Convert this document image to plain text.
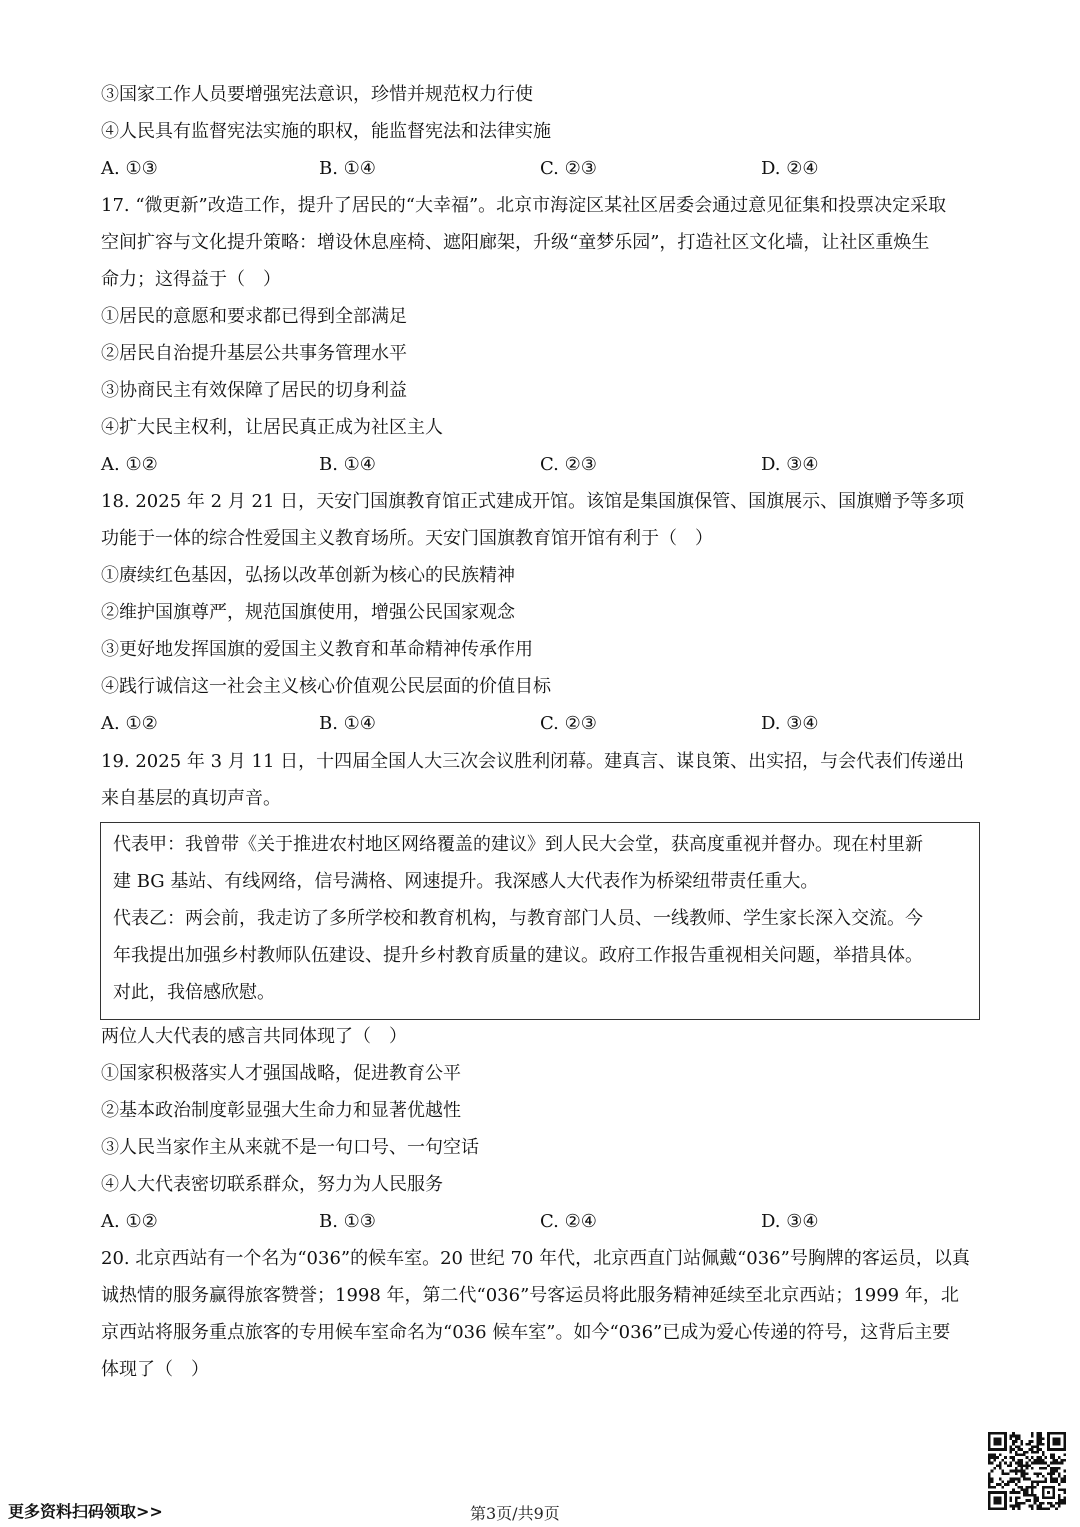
③国家工作人员要增强宪法意识，珍惜并规范权力行使
④人民具有监督宪法实施的职权，能监督宪法和法律实施
A. ①③	B. ①④	C. ②③	D. ②④
17. “微更新”改造工作，提升了居民的“大幸福”。北京市海淀区某社区居委会通过意见征集和投票决定采取
空间扩容与文化提升策略：增设休息座椅、遮阳廊架，升级“童梦乐园”，打造社区文化墙，让社区重焕生
命力；这得益于（　）
①居民的意愿和要求都已得到全部满足
②居民自治提升基层公共事务管理水平
③协商民主有效保障了居民的切身利益
④扩大民主权利，让居民真正成为社区主人
A. ①②	B. ①④	C. ②③	D. ③④
18. 2025 年 2 月 21 日，天安门国旗教育馆正式建成开馆。该馆是集国旗保管、国旗展示、国旗赠予等多项
功能于一体的综合性爱国主义教育场所。天安门国旗教育馆开馆有利于（　）
①赓续红色基因，弘扬以改革创新为核心的民族精神
②维护国旗尊严，规范国旗使用，增强公民国家观念
③更好地发挥国旗的爱国主义教育和革命精神传承作用
④践行诚信这一社会主义核心价值观公民层面的价值目标
A. ①②	B. ①④	C. ②③	D. ③④
19. 2025 年 3 月 11 日，十四届全国人大三次会议胜利闭幕。建真言、谋良策、出实招，与会代表们传递出
来自基层的真切声音。
代表甲：我曾带《关于推进农村地区网络覆盖的建议》到人民大会堂，获高度重视并督办。现在村里新
建 BG 基站、有线网络，信号满格、网速提升。我深感人大代表作为桥梁纽带责任重大。
代表乙：两会前，我走访了多所学校和教育机构，与教育部门人员、一线教师、学生家长深入交流。今
年我提出加强乡村教师队伍建设、提升乡村教育质量的建议。政府工作报告重视相关问题，举措具体。
对此，我倍感欣慰。
两位人大代表的感言共同体现了（　）
①国家积极落实人才强国战略，促进教育公平
②基本政治制度彰显强大生命力和显著优越性
③人民当家作主从来就不是一句口号、一句空话
④人大代表密切联系群众，努力为人民服务
A. ①②	B. ①③	C. ②④	D. ③④
20. 北京西站有一个名为“036”的候车室。20 世纪 70 年代，北京西直门站佩戴“036”号胸牌的客运员，以真
诚热情的服务赢得旅客赞誉；1998 年，第二代“036”号客运员将此服务精神延续至北京西站；1999 年，北
京西站将服务重点旅客的专用候车室命名为“036 候车室”。如今“036”已成为爱心传递的符号，这背后主要
体现了（　）
更多资料扫码领取>>	第3页/共9页
